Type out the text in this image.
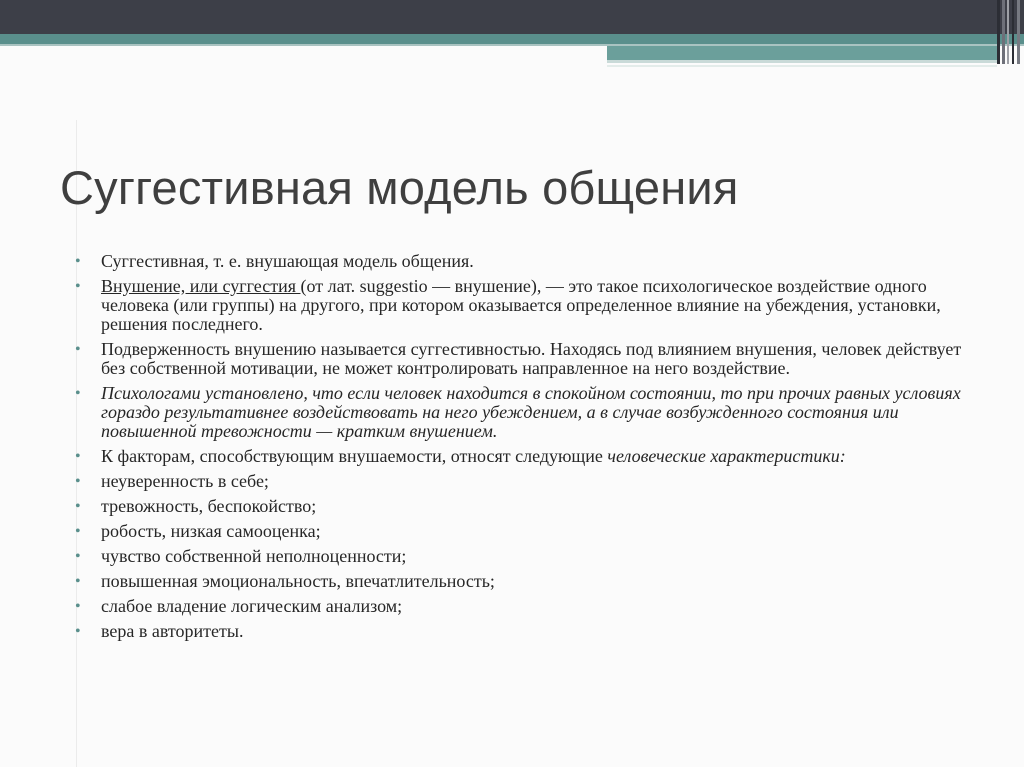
Суггестивная модель общения
• Суггестивная, т. е. внушающая модель общения.
• Внушение, или суггестия (от лат. suggestio — внушение), — это такое психологическое воздействие одного человека (или группы) на другого, при котором оказывается определенное влияние на убеждения, установки, решения последнего.
• Подверженность внушению называется суггестивностью. Находясь под влиянием внушения, человек действует без собственной мотивации, не может контролировать направленное на него воздействие.
• Психологами установлено, что если человек находится в спокойном состоянии, то при прочих равных условиях гораздо результативнее воздействовать на него убеждением, а в случае возбужденного состояния или повышенной тревожности — кратким внушением.
• К факторам, способствующим внушаемости, относят следующие человеческие характеристики:
• неуверенность в себе;
• тревожность, беспокойство;
• робость, низкая самооценка;
• чувство собственной неполноценности;
• повышенная эмоциональность, впечатлительность;
• слабое владение логическим анализом;
• вера в авторитеты.
